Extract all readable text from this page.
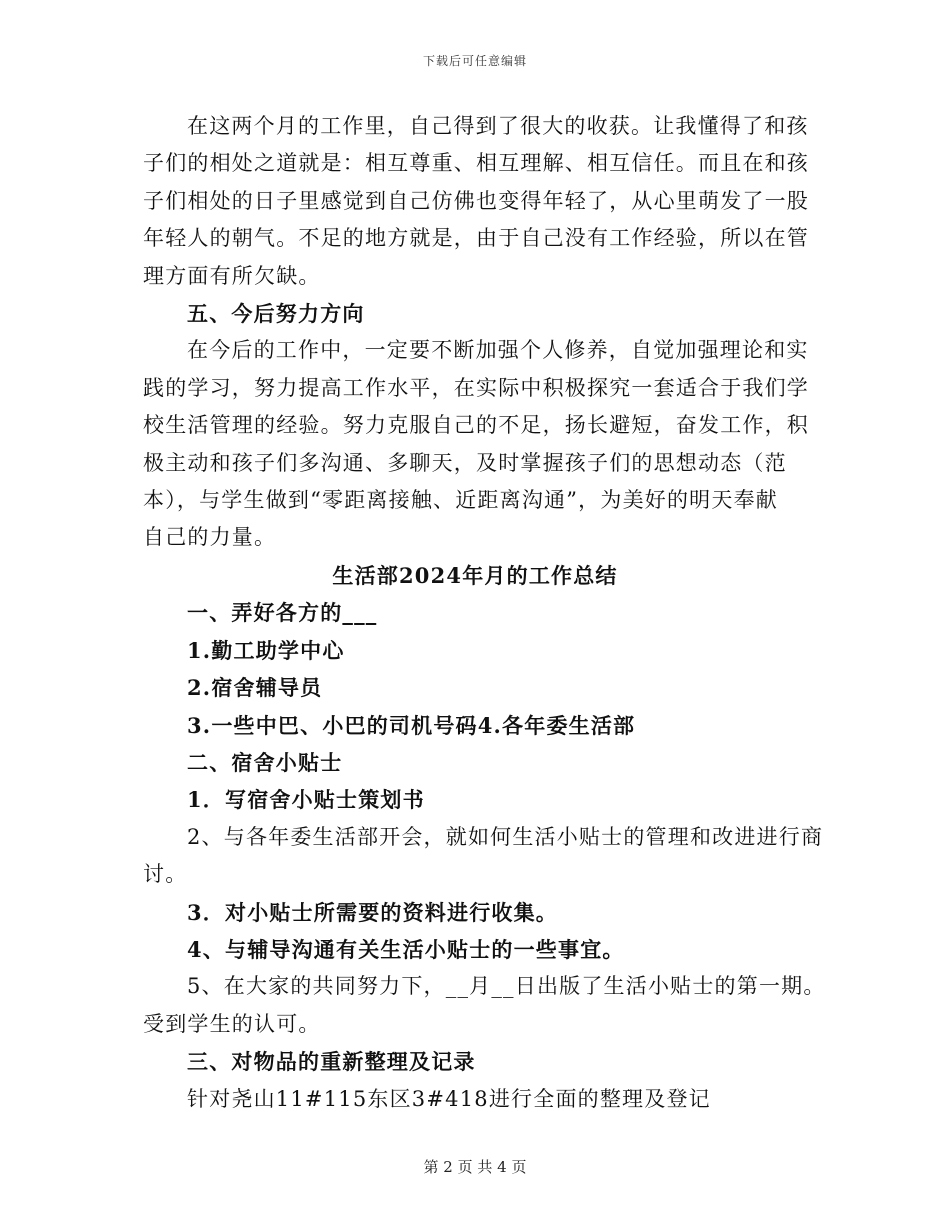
下载后可任意编辑
在这两个月的工作里，自己得到了很大的收获。让我懂得了和孩
子们的相处之道就是：相互尊重、相互理解、相互信任。而且在和孩
子们相处的日子里感觉到自己仿佛也变得年轻了，从心里萌发了一股
年轻人的朝气。不足的地方就是，由于自己没有工作经验，所以在管
理方面有所欠缺。
五、今后努力方向
在今后的工作中，一定要不断加强个人修养，自觉加强理论和实
践的学习，努力提高工作水平，在实际中积极探究一套适合于我们学
校生活管理的经验。努力克服自己的不足，扬长避短，奋发工作，积
极主动和孩子们多沟通、多聊天，及时掌握孩子们的思想动态（范
本），与学生做到“零距离接触、近距离沟通”，为美好的明天奉献
自己的力量。
生活部2024年月的工作总结
一、弄好各方的___
1.勤工助学中心
2.宿舍辅导员
3.一些中巴、小巴的司机号码4.各年委生活部
二、宿舍小贴士
1．写宿舍小贴士策划书
2、与各年委生活部开会，就如何生活小贴士的管理和改进进行商
讨。
3．对小贴士所需要的资料进行收集。
4、与辅导沟通有关生活小贴士的一些事宜。
5、在大家的共同努力下，__月__日出版了生活小贴士的第一期。
受到学生的认可。
三、对物品的重新整理及记录
针对尧山11#115东区3#418进行全面的整理及登记
第 2 页 共 4 页
